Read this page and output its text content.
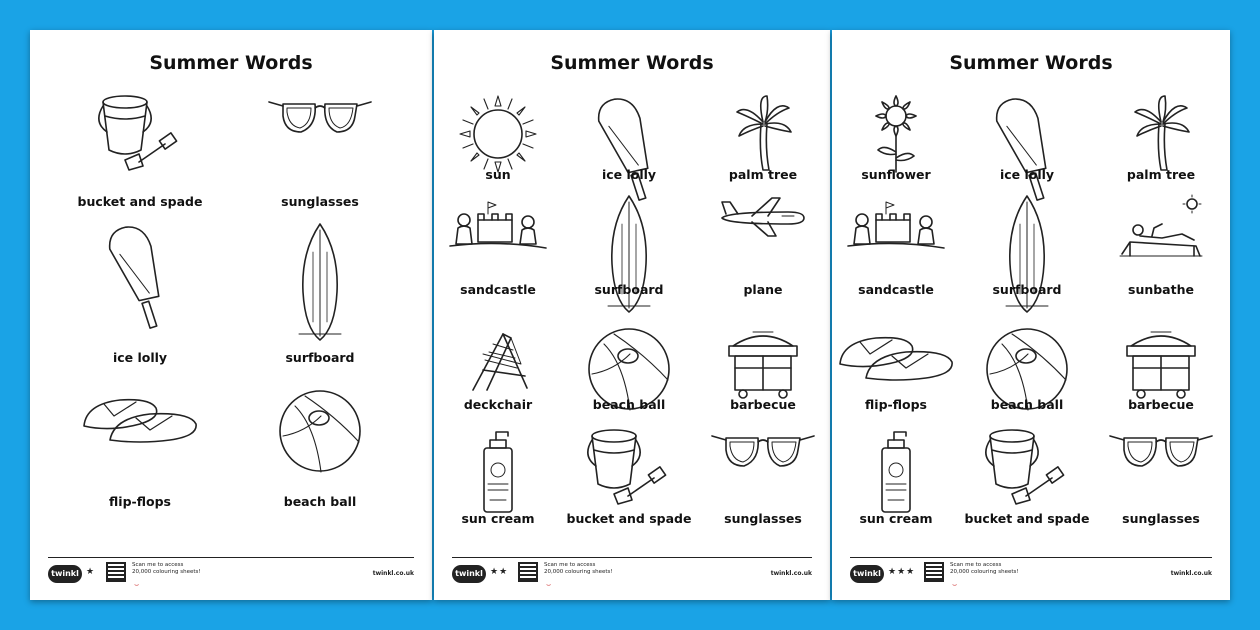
Summer Words
bucket and spade	sunglasses
ice lolly	surfboard
flip-flops	beach ball
twinkl ★
Scan me to access 20,000 colouring sheets!
⌣
twinkl.co.uk
Summer Words
sun	ice lolly	palm tree
sandcastle	surfboard	plane
deckchair	beach ball	barbecue
sun cream	bucket and spade	sunglasses
twinkl ★★
Scan me to access 20,000 colouring sheets!
⌣
twinkl.co.uk
Summer Words
sunflower	ice lolly	palm tree
sandcastle	surfboard	sunbathe
flip-flops	beach ball	barbecue
sun cream	bucket and spade	sunglasses
twinkl ★★★
Scan me to access 20,000 colouring sheets!
⌣
twinkl.co.uk
